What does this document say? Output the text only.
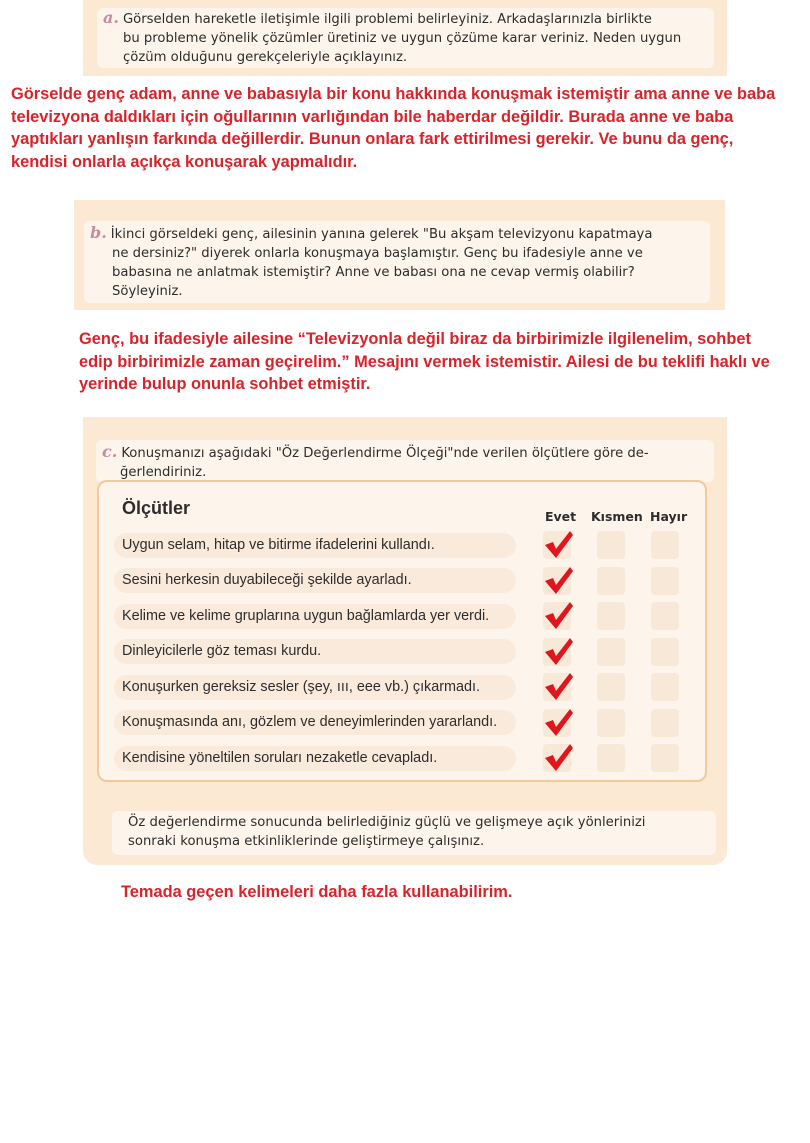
a. Görselden hareketle iletişimle ilgili problemi belirleyiniz. Arkadaşlarınızla birlikte
bu probleme yönelik çözümler üretiniz ve uygun çözüme karar veriniz. Neden uygun
çözüm olduğunu gerekçeleriyle açıklayınız.
Görselde genç adam, anne ve babasıyla bir konu hakkında konuşmak istemiştir ama anne ve baba
televizyona daldıkları için oğullarının varlığından bile haberdar değildir. Burada anne ve baba
yaptıkları yanlışın farkında değillerdir. Bunun onlara fark ettirilmesi gerekir. Ve bunu da genç,
kendisi onlarla açıkça konuşarak yapmalıdır.
b. İkinci görseldeki genç, ailesinin yanına gelerek "Bu akşam televizyonu kapatmaya
ne dersiniz?" diyerek onlarla konuşmaya başlamıştır. Genç bu ifadesiyle anne ve
babasına ne anlatmak istemiştir? Anne ve babası ona ne cevap vermiş olabilir?
Söyleyiniz.
Genç, bu ifadesiyle ailesine “Televizyonla değil biraz da birbirimizle ilgilenelim, sohbet
edip birbirimizle zaman geçirelim.” Mesajını vermek istemistir. Ailesi de bu teklifi haklı ve
yerinde bulup onunla sohbet etmiştir.
c. Konuşmanızı aşağıdaki "Öz Değerlendirme Ölçeği"nde verilen ölçütlere göre de-
ğerlendiriniz.
Ölçütler	Evet Kısmen Hayır
Uygun selam, hitap ve bitirme ifadelerini kullandı.
Sesini herkesin duyabileceği şekilde ayarladı.
Kelime ve kelime gruplarına uygun bağlamlarda yer verdi.
Dinleyicilerle göz teması kurdu.
Konuşurken gereksiz sesler (şey, ııı, eee vb.) çıkarmadı.
Konuşmasında anı, gözlem ve deneyimlerinden yararlandı.
Kendisine yöneltilen soruları nezaketle cevapladı.
Öz değerlendirme sonucunda belirlediğiniz güçlü ve gelişmeye açık yönlerinizi
sonraki konuşma etkinliklerinde geliştirmeye çalışınız.
Temada geçen kelimeleri daha fazla kullanabilirim.
